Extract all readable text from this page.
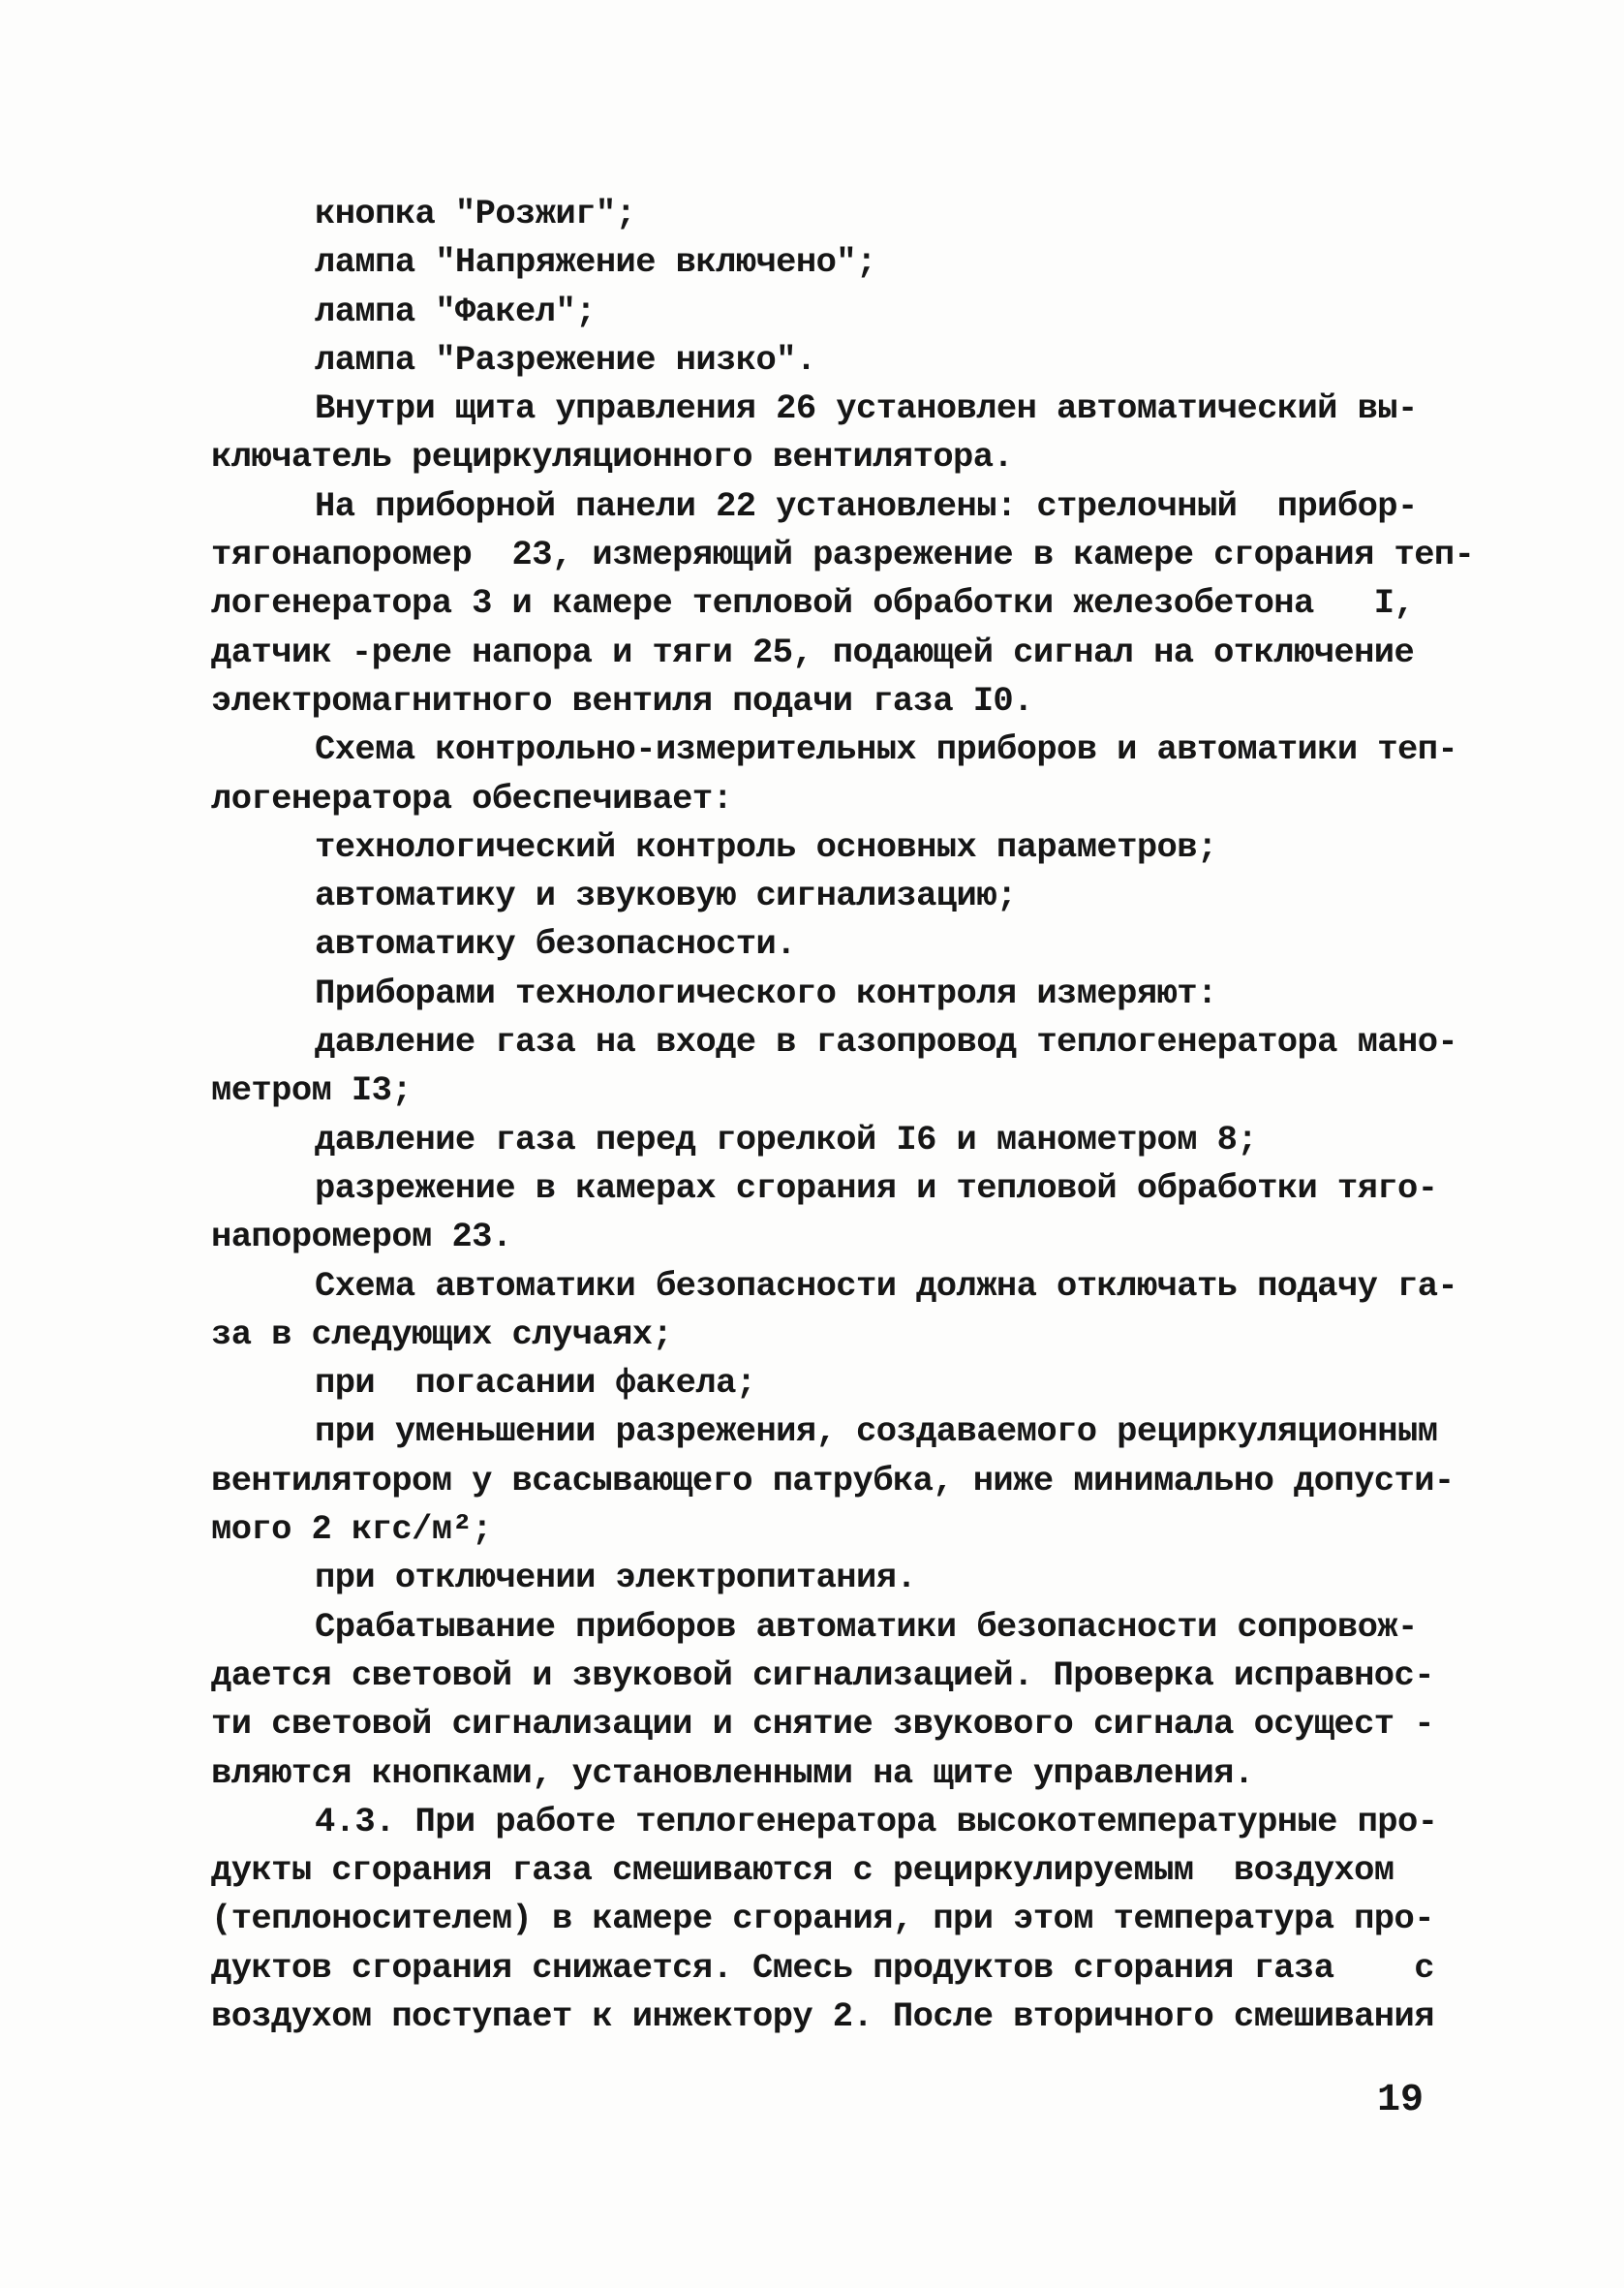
кнопка "Розжиг";
лампа "Напряжение включено";
лампа "Факел";
лампа "Разрежение низко".
Внутри щита управления 26 установлен автоматический вы-
ключатель рециркуляционного вентилятора.
На приборной панели 22 установлены: стрелочный  прибор-
тягонапоромер  23, измеряющий разрежение в камере сгорания теп-
логенератора 3 и камере тепловой обработки железобетона   I,
датчик -реле напора и тяги 25, подающей сигнал на отключение
электромагнитного вентиля подачи газа I0.
Схема контрольно-измерительных приборов и автоматики теп-
логенератора обеспечивает:
технологический контроль основных параметров;
автоматику и звуковую сигнализацию;
автоматику безопасности.
Приборами технологического контроля измеряют:
давление газа на входе в газопровод теплогенератора мано-
метром I3;
давление газа перед горелкой I6 и манометром 8;
разрежение в камерах сгорания и тепловой обработки тяго-
напоромером 23.
Схема автоматики безопасности должна отключать подачу га-
за в следующих случаях;
при  погасании факела;
при уменьшении разрежения, создаваемого рециркуляционным
вентилятором у всасывающего патрубка, ниже минимально допусти-
мого 2 кгс/м²;
при отключении электропитания.
Срабатывание приборов автоматики безопасности сопровож-
дается световой и звуковой сигнализацией. Проверка исправнос-
ти световой сигнализации и снятие звукового сигнала осущест -
вляются кнопками, установленными на щите управления.
4.3. При работе теплогенератора высокотемпературные про-
дукты сгорания газа смешиваются с рециркулируемым  воздухом
(теплоносителем) в камере сгорания, при этом температура про-
дуктов сгорания снижается. Смесь продуктов сгорания газа    с
воздухом поступает к инжектору 2. После вторичного смешивания
19
